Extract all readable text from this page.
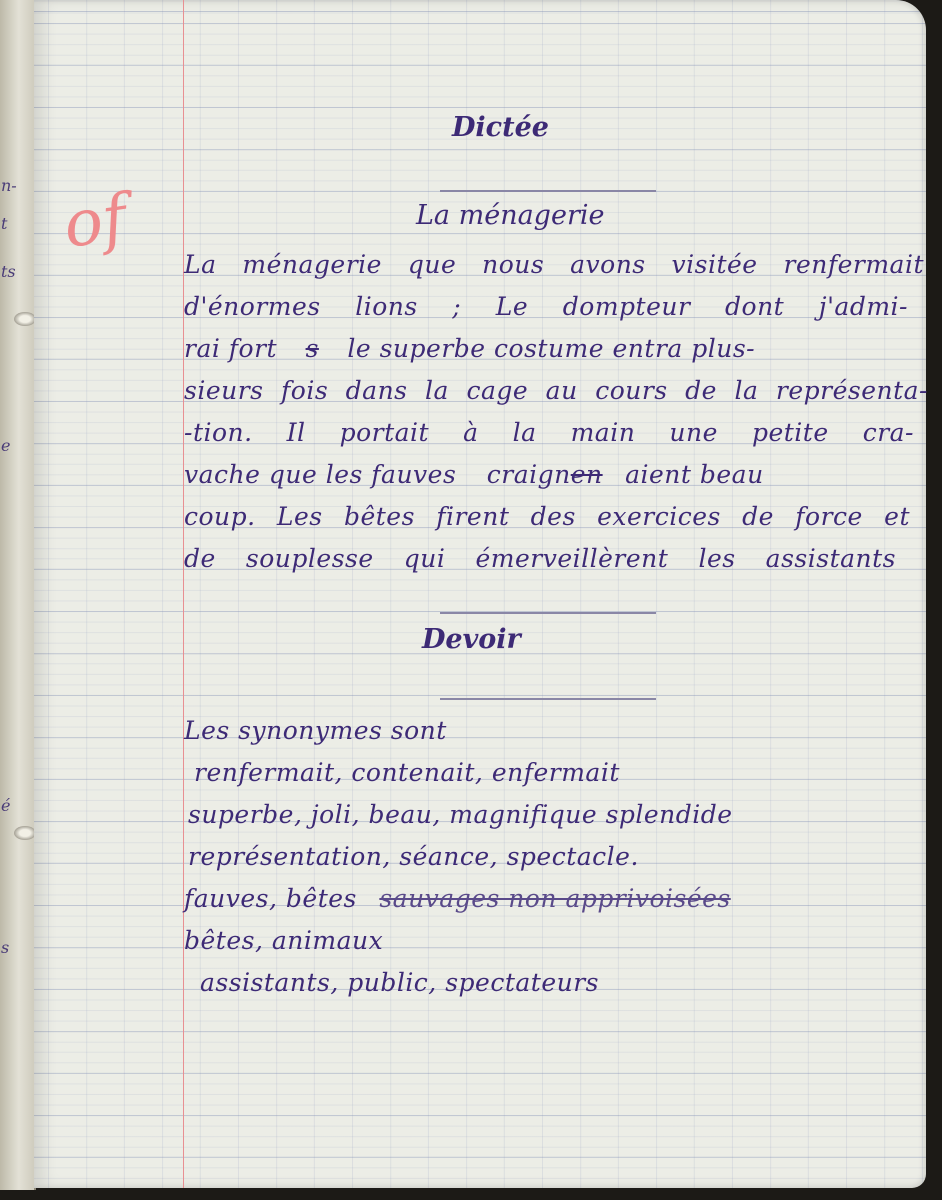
n-
t
ts
e
é
s
of
Dictée
La ménagerie

La ménagerie que nous avons visitée renfermait

d'énormes lions ; Le dompteur dont j'admi-

rai fort s le superbe costume entra plus-

sieurs fois dans la cage au cours de la représenta-

-tion. Il portait à la main une petite cra-

vache que les fauves craignen aient beau

coup. Les bêtes firent des exercices de force et

de souplesse qui émerveillèrent les assistants

Devoir

Les synonymes sont

renfermait, contenait, enfermait

superbe, joli, beau, magnifique splendide

représentation, séance, spectacle.

fauves, bêtes sauvages non apprivoisées

bêtes, animaux

assistants, public, spectateurs
